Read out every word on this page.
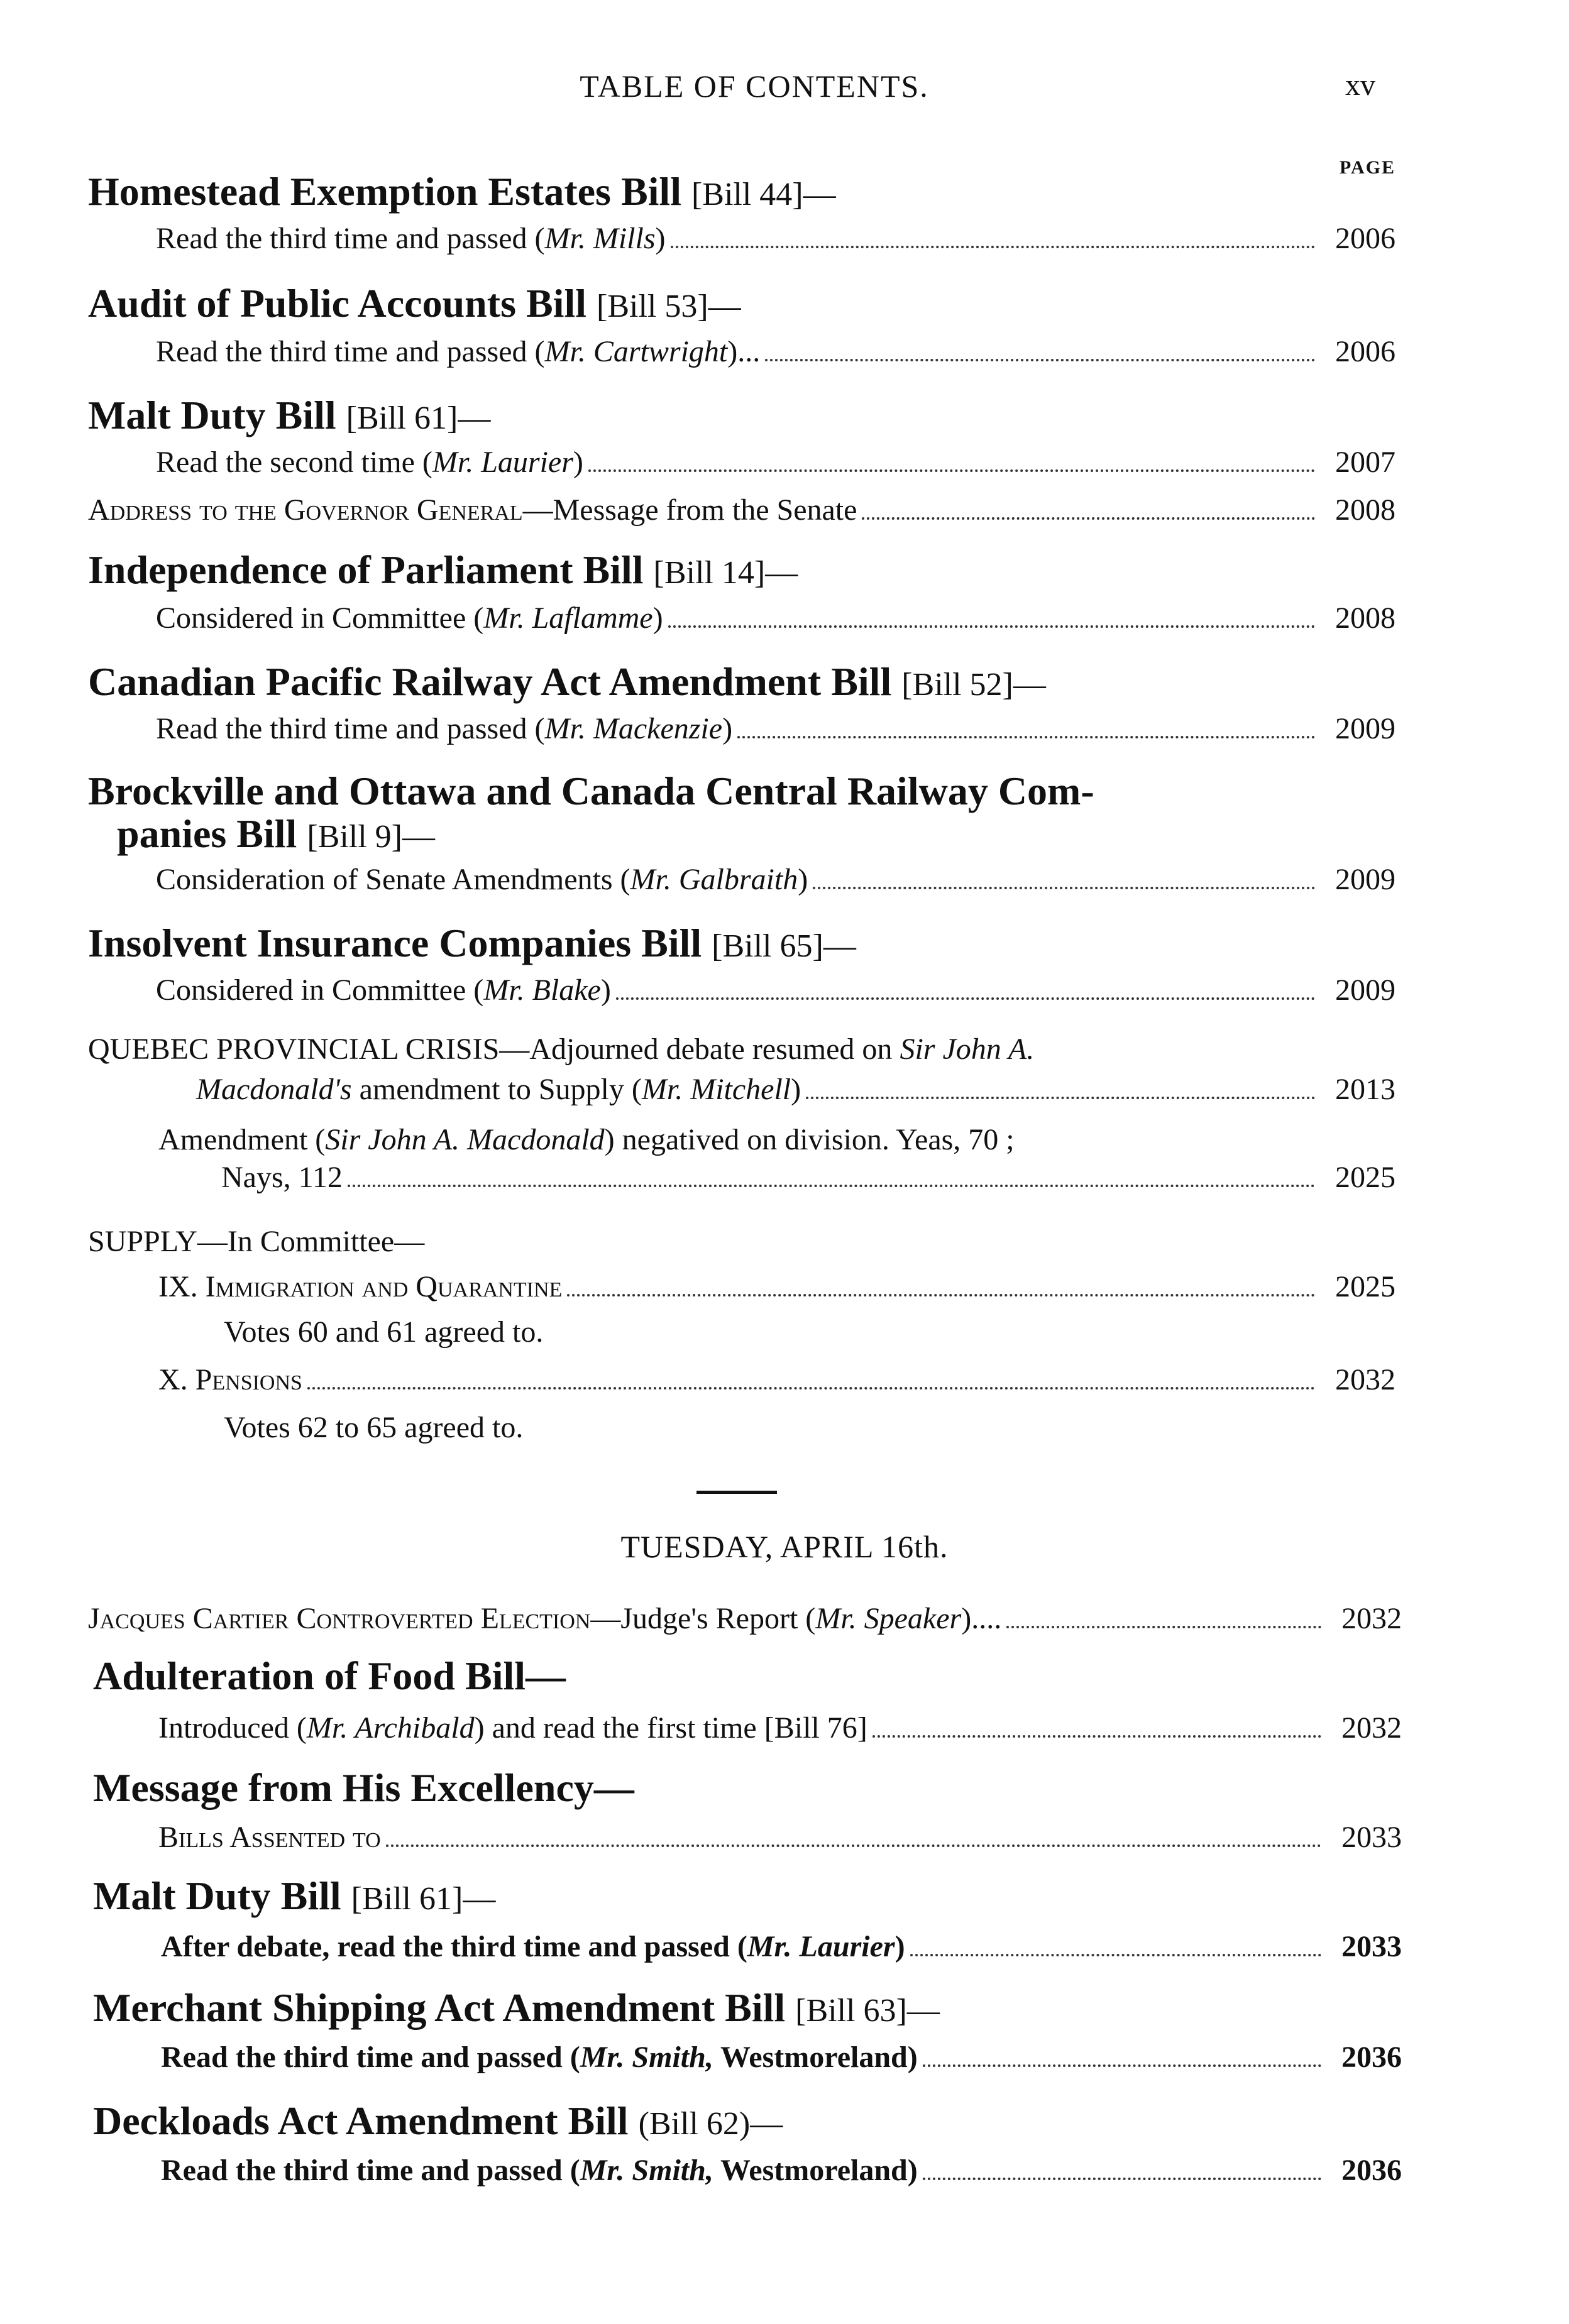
TABLE OF CONTENTS.	xv
PAGE
Homestead Exemption Estates Bill [Bill 44]—
Read the third time and passed (Mr. Mills)	2006
Audit of Public Accounts Bill [Bill 53]—
Read the third time and passed (Mr. Cartwright)...	2006
Malt Duty Bill [Bill 61]—
Read the second time (Mr. Laurier)	2007
Address to the Governor General—Message from the Senate	2008
Independence of Parliament Bill [Bill 14]—
Considered in Committee (Mr. Laflamme)	2008
Canadian Pacific Railway Act Amendment Bill [Bill 52]—
Read the third time and passed (Mr. Mackenzie)	2009
Brockville and Ottawa and Canada Central Railway Com-
panies Bill [Bill 9]—
Consideration of Senate Amendments (Mr. Galbraith)	2009
Insolvent Insurance Companies Bill [Bill 65]—
Considered in Committee (Mr. Blake)	2009
QUEBEC PROVINCIAL CRISIS—Adjourned debate resumed on Sir John A.
Macdonald's amendment to Supply (Mr. Mitchell)	2013
Amendment (Sir John A. Macdonald) negatived on division. Yeas, 70 ;
Nays, 112	2025
SUPPLY—In Committee—
IX. Immigration and Quarantine	2025
Votes 60 and 61 agreed to.
X. Pensions	2032
Votes 62 to 65 agreed to.
TUESDAY, APRIL 16th.
Jacques Cartier Controverted Election—Judge's Report (Mr. Speaker)....	2032
Adulteration of Food Bill—
Introduced (Mr. Archibald) and read the first time [Bill 76]	2032
Message from His Excellency—
Bills Assented to	2033
Malt Duty Bill [Bill 61]—
After debate, read the third time and passed (Mr. Laurier)	2033
Merchant Shipping Act Amendment Bill [Bill 63]—
Read the third time and passed (Mr. Smith, Westmoreland)	2036
Deckloads Act Amendment Bill (Bill 62)—
Read the third time and passed (Mr. Smith, Westmoreland)	2036
